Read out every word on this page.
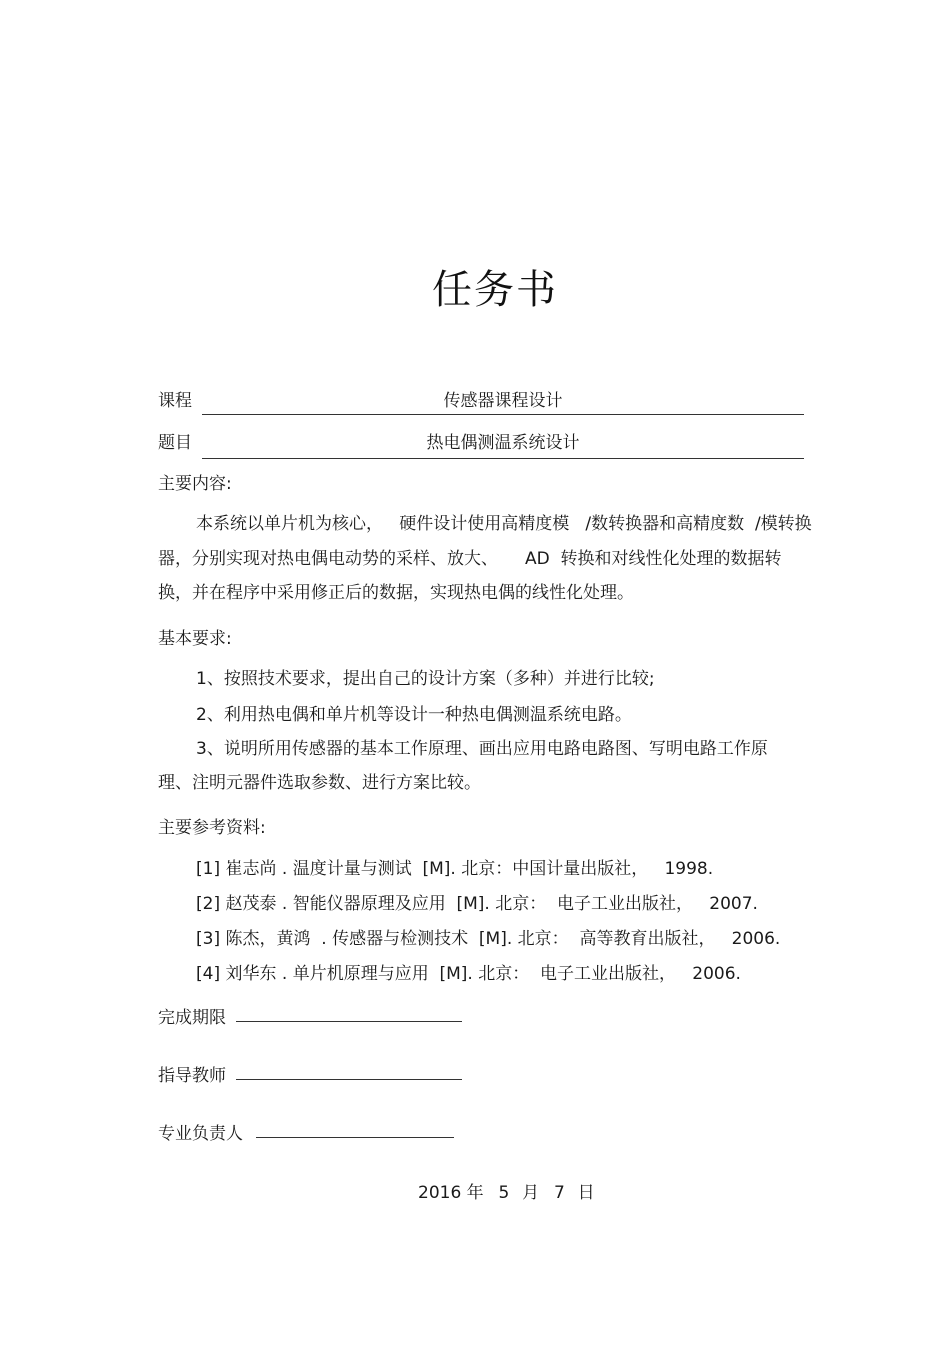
任务书
课程	传感器课程设计
题目	热电偶测温系统设计
主要内容:
本系统以单片机为核心，   硬件设计使用高精度模   /数转换器和高精度数  /模转换
器，分别实现对热电偶电动势的采样、放大、     AD  转换和对线性化处理的数据转
换，并在程序中采用修正后的数据，实现热电偶的线性化处理。
基本要求:
1、按照技术要求，提出自己的设计方案（多种）并进行比较;
2、利用热电偶和单片机等设计一种热电偶测温系统电路。
3、说明所用传感器的基本工作原理、画出应用电路电路图、写明电路工作原
理、注明元器件选取参数、进行方案比较。
主要参考资料:
[1] 崔志尚 . 温度计量与测试  [M]. 北京：中国计量出版社，   1998.
[2] 赵茂泰 . 智能仪器原理及应用  [M]. 北京：  电子工业出版社，   2007.
[3] 陈杰，黄鸿  . 传感器与检测技术  [M]. 北京：  高等教育出版社，   2006.
[4] 刘华东 . 单片机原理与应用  [M]. 北京：  电子工业出版社，   2006.
完成期限
指导教师
专业负责人
2016 年 5 月 7 日
